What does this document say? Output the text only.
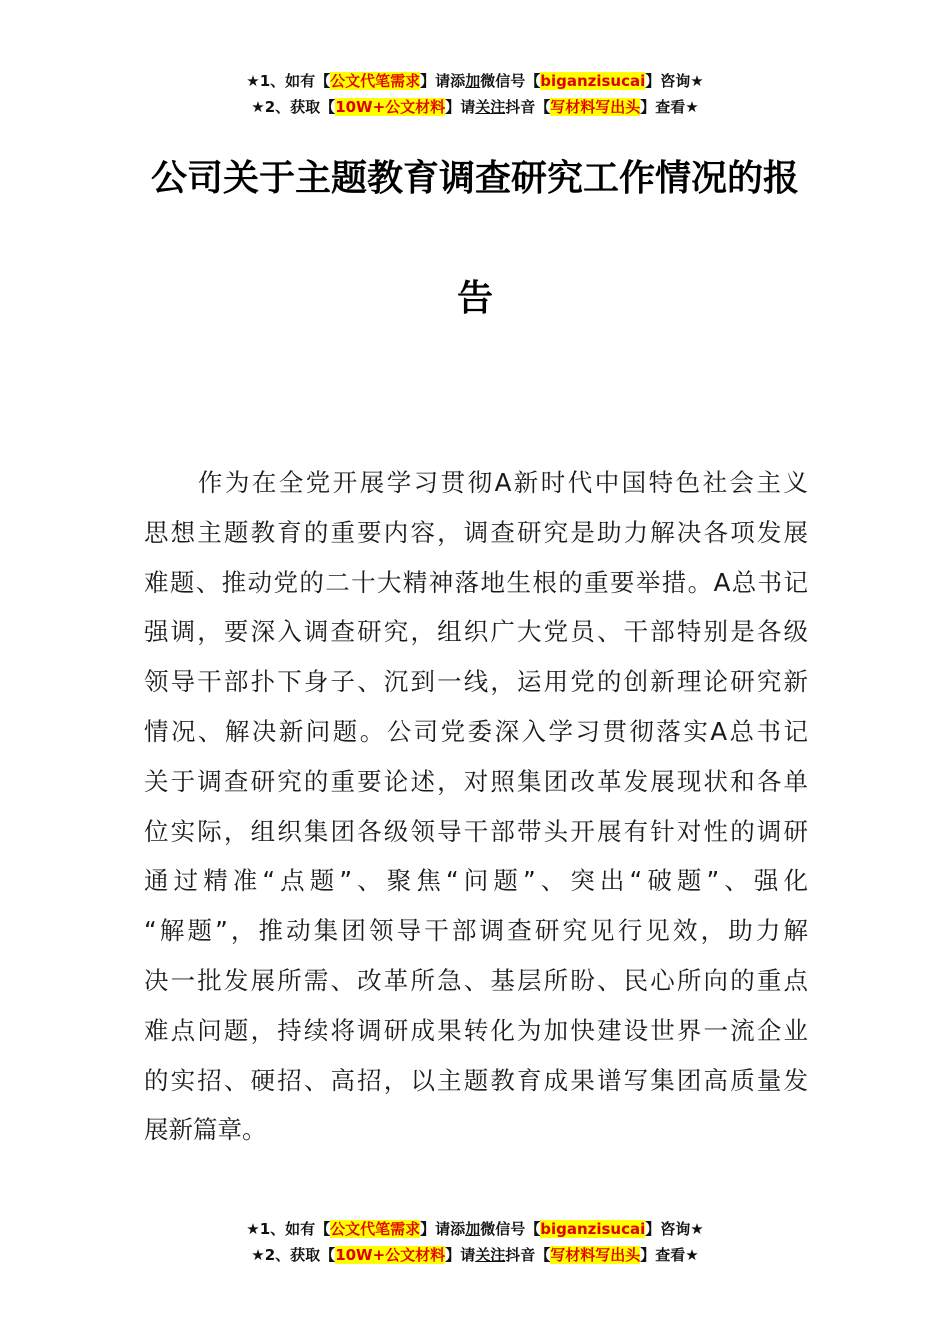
★1、如有【公文代笔需求】请添加微信号【biganzisucai】咨询★
★2、获取【10W+公文材料】请关注抖音【写材料写出头】查看★
公司关于主题教育调查研究工作情况的报
告
　　作为在全党开展学习贯彻A新时代中国特色社会主义
思想主题教育的重要内容，调查研究是助力解决各项发展
难题、推动党的二十大精神落地生根的重要举措。A总书记
强调，要深入调查研究，组织广大党员、干部特别是各级
领导干部扑下身子、沉到一线，运用党的创新理论研究新
情况、解决新问题。公司党委深入学习贯彻落实A总书记
关于调查研究的重要论述，对照集团改革发展现状和各单
位实际，组织集团各级领导干部带头开展有针对性的调研
通过精准“点题”、聚焦“问题”、突出“破题”、强化
“解题”，推动集团领导干部调查研究见行见效，助力解
决一批发展所需、改革所急、基层所盼、民心所向的重点
难点问题，持续将调研成果转化为加快建设世界一流企业
的实招、硬招、高招，以主题教育成果谱写集团高质量发
展新篇章。
★1、如有【公文代笔需求】请添加微信号【biganzisucai】咨询★
★2、获取【10W+公文材料】请关注抖音【写材料写出头】查看★
